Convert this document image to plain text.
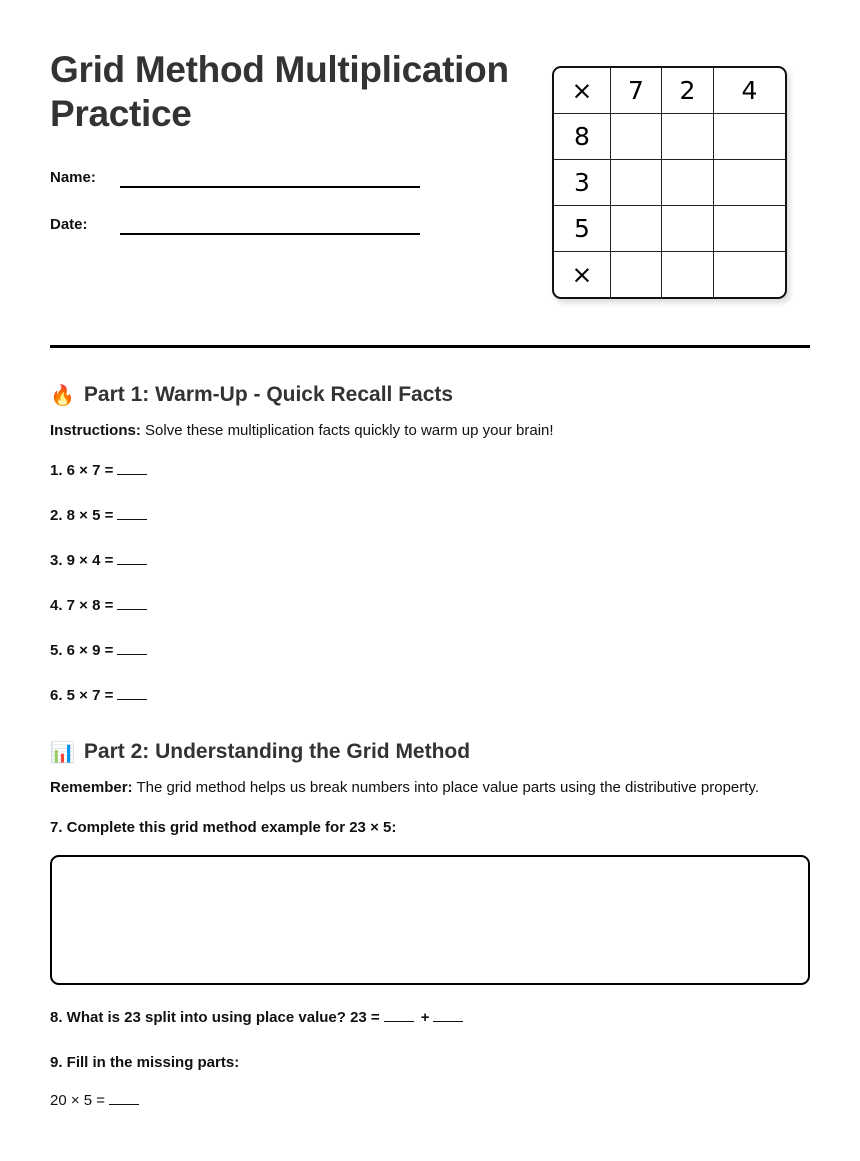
Grid Method Multiplication Practice
Name:
Date:
×	7	2	4
8			
3			
5			
×			
🔥 Part 1: Warm-Up - Quick Recall Facts

Instructions: Solve these multiplication facts quickly to warm up your brain!

1. 6 × 7 =

2. 8 × 5 =

3. 9 × 4 =

4. 7 × 8 =

5. 6 × 9 =

6. 5 × 7 =

📊 Part 2: Understanding the Grid Method

Remember: The grid method helps us break numbers into place value parts using the distributive property.

7. Complete this grid method example for 23 × 5:

8. What is 23 split into using place value? 23 =	+

9. Fill in the missing parts:

20 × 5 =
